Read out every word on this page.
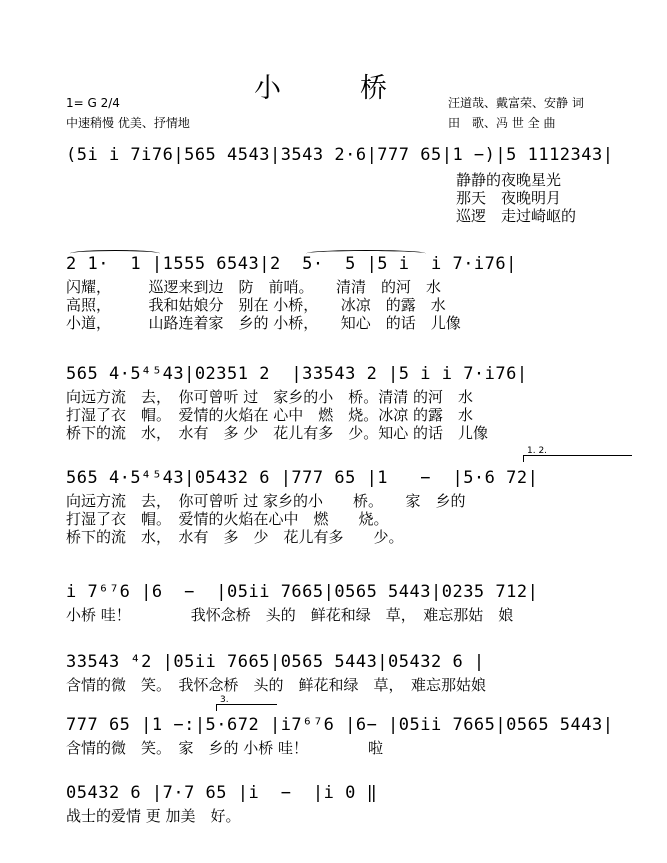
小　桥
1= G 2/4
中速稍慢 优美、抒情地
汪道哉、戴富荣、安静 词
田　歌、冯 世 全 曲
(5i i 7i76|565 4543|3543 2·6|777 65|1 −)|5 1112343|
静静的夜晚星光
那天　夜晚明月
巡逻　走过崎岖的
2 1·  1 |1555 6543|2  5·  5 |5 i  i 7·i76|
闪耀，　　　巡逻来到边　防　前哨。　　清清　的河　水
高照，　　　我和姑娘分　别在 小桥，　　冰凉　的露　水
小道，　　　山路连着家　乡的 小桥，　　知心　的话　儿像
565 4·5⁴⁵43|02351 2  |33543 2 |5 i i 7·i76|
向远方流　去，　你可曾听 过　家乡的小　桥。清清 的河　水
打湿了衣　帽。　爱情的火焰在 心中　燃　烧。冰凉 的露　水
桥下的流　水，　水有　多 少　花儿有多　少。知心 的话　儿像
1. 2.
565 4·5⁴⁵43|05432 6 |777 65 |1   −  |5·6 72|
向远方流　去，　你可曾听 过 家乡的小　　桥。　　家　乡的
打湿了衣　帽。　爱情的火焰在心中　燃　　烧。
桥下的流　水，　水有　多　少　花儿有多　　少。
i 7⁶⁷6 |6  −  |05ii 7665|0565 5443|0235 712|
小桥 哇！　　　　我怀念桥　头的　鲜花和绿　草，　难忘那姑　娘
33543 ⁴2 |05ii 7665|0565 5443|05432 6 |
含情的微　笑。　我怀念桥　头的　鲜花和绿　草，　难忘那姑娘
3.
777 65 |1 −:|5·672 |i7⁶⁷6 |6− |05ii 7665|0565 5443|
含情的微　笑。　家　乡的 小桥 哇！　　　　啦
05432 6 |7·7 65 |i  −  |i 0 ‖
战士的爱情 更 加美　好。
